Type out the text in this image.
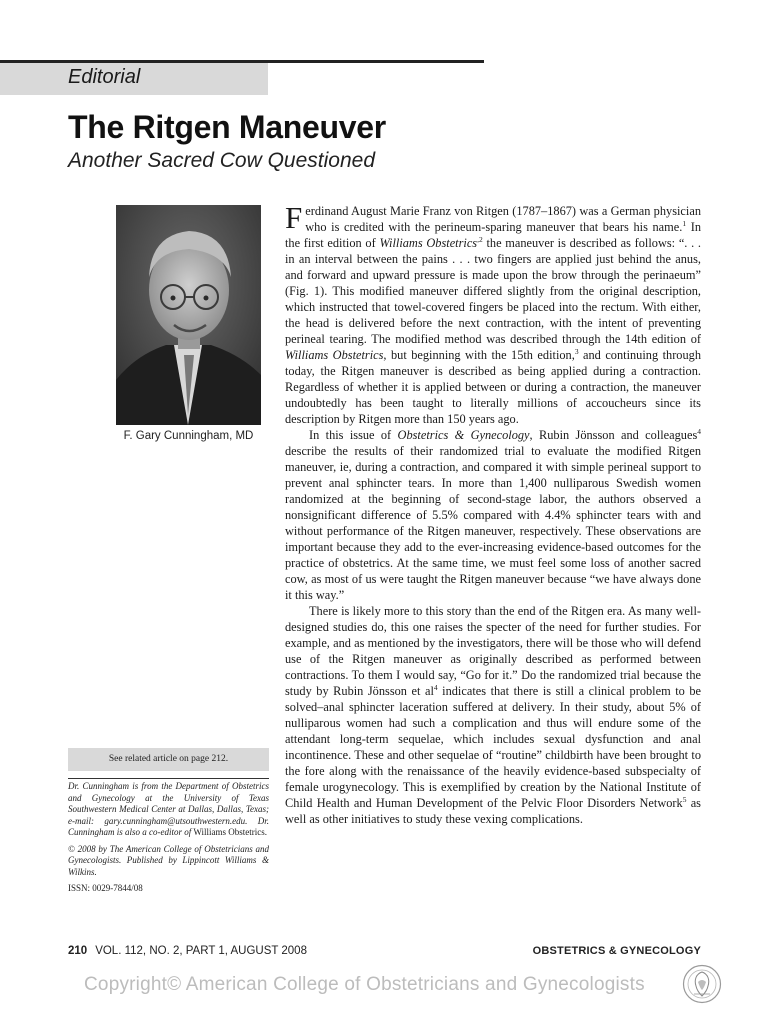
Editorial
The Ritgen Maneuver
Another Sacred Cow Questioned
F. Gary Cunningham, MD
See related article on page 212.

Dr. Cunningham is from the Department of Obstetrics and Gynecology at the University of Texas Southwestern Medical Center at Dallas, Dallas, Texas; e-mail: gary.cunningham@utsouthwestern.edu. Dr. Cunningham is also a co-editor of Williams Obstetrics.

© 2008 by The American College of Obstetricians and Gynecologists. Published by Lippincott Williams & Wilkins.

ISSN: 0029-7844/08

Ferdinand August Marie Franz von Ritgen (1787–1867) was a German physician who is credited with the perineum-sparing maneuver that bears his name.$^1$ In the first edition of Williams Obstetrics$^{,2}$ the maneuver is described as follows: “. . . in an interval between the pains . . . two fingers are applied just behind the anus, and forward and upward pressure is made upon the brow through the perinaeum” (Fig. 1). This modified maneuver differed slightly from the original description, which instructed that towel-covered fingers be placed into the rectum. With either, the head is delivered before the next contraction, with the intent of preventing perineal tearing. The modified method was described through the 14th edition of Williams Obstetrics, but beginning with the 15th edition,$^3$ and continuing through today, the Ritgen maneuver is described as being applied during a contraction. Regardless of whether it is applied between or during a contraction, the maneuver undoubtedly has been taught to literally millions of accoucheurs since its description by Ritgen more than 150 years ago.

In this issue of Obstetrics & Gynecology, Rubin Jönsson and colleagues$^4$ describe the results of their randomized trial to evaluate the modified Ritgen maneuver, ie, during a contraction, and compared it with simple perineal support to prevent anal sphincter tears. In more than 1,400 nulliparous Swedish women randomized at the beginning of second-stage labor, the authors observed a nonsignificant difference of 5.5% compared with 4.4% sphincter tears with and without performance of the Ritgen maneuver, respectively. These observations are important because they add to the ever-increasing evidence-based outcomes for the practice of obstetrics. At the same time, we must feel some loss of another sacred cow, as most of us were taught the Ritgen maneuver because “we have always done it this way.”

There is likely more to this story than the end of the Ritgen era. As many well-designed studies do, this one raises the specter of the need for further studies. For example, and as mentioned by the investigators, there will be those who will defend use of the Ritgen maneuver as originally described as performed between contractions. To them I would say, “Go for it.” Do the randomized trial because the study by Rubin Jönsson et $al^4$ indicates that there is still a clinical problem to be solved–anal sphincter laceration suffered at delivery. In their study, about 5% of nulliparous women had such a complication and thus will endure some of the attendant long-term sequelae, which includes sexual dysfunction and anal incontinence. These and other sequelae of “routine” childbirth have been brought to the fore along with the renaissance of the heavily evidence-based subspecialty of female urogynecology. This is exemplified by creation by the National Institute of Child Health and Human Development of the Pelvic Floor Disorders Network$^5$ as well as other initiatives to study these vexing complications.

210 VOL. 112, NO. 2, PART 1, AUGUST 2008	OBSTETRICS & GYNECOLOGY
Copyright© American College of Obstetricians and Gynecologists
